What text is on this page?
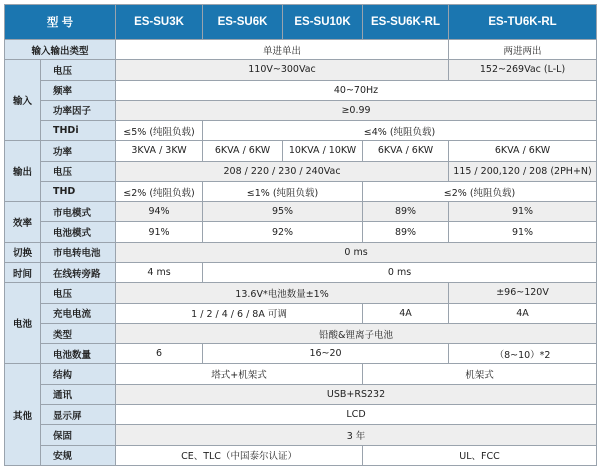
型 号		ES-SU3K	ES-SU6K	ES-SU10K	ES-SU6K-RL	ES-TU6K-RL
输入输出类型		单进单出				两进两出
输入	电压	110V~300Vac				152~269Vac (L-L)
	频率	40~70Hz				
	功率因子	≥0.99				
	THDi	≤5% (纯阻负载)	≤4% (纯阻负载)			
输出	功率	3KVA / 3KW	6KVA / 6KW	10KVA / 10KW	6KVA / 6KW	6KVA / 6KW
	电压	208 / 220 / 230 / 240Vac				115 / 200,120 / 208 (2PH+N)
	THD	≤2% (纯阻负载)	≤1% (纯阻负载)		≤2% (纯阻负载)	
效率	市电模式	94%	95%		89%	91%
	电池模式	91%	92%		89%	91%
切换	市电转电池	0 ms				
时间	在线转旁路	4 ms	0 ms			
电池	电压	13.6V*电池数量±1%				±96~120V
	充电电流	1 / 2 / 4 / 6 / 8A 可调			4A	4A
	类型	铅酸&锂离子电池				
	电池数量	6	16~20			（8~10）*2
其他	结构	塔式+机架式			机架式	
	通讯	USB+RS232				
	显示屏	LCD				
	保固	3 年				
	安规	CE、TLC（中国泰尔认证）			UL、FCC	
